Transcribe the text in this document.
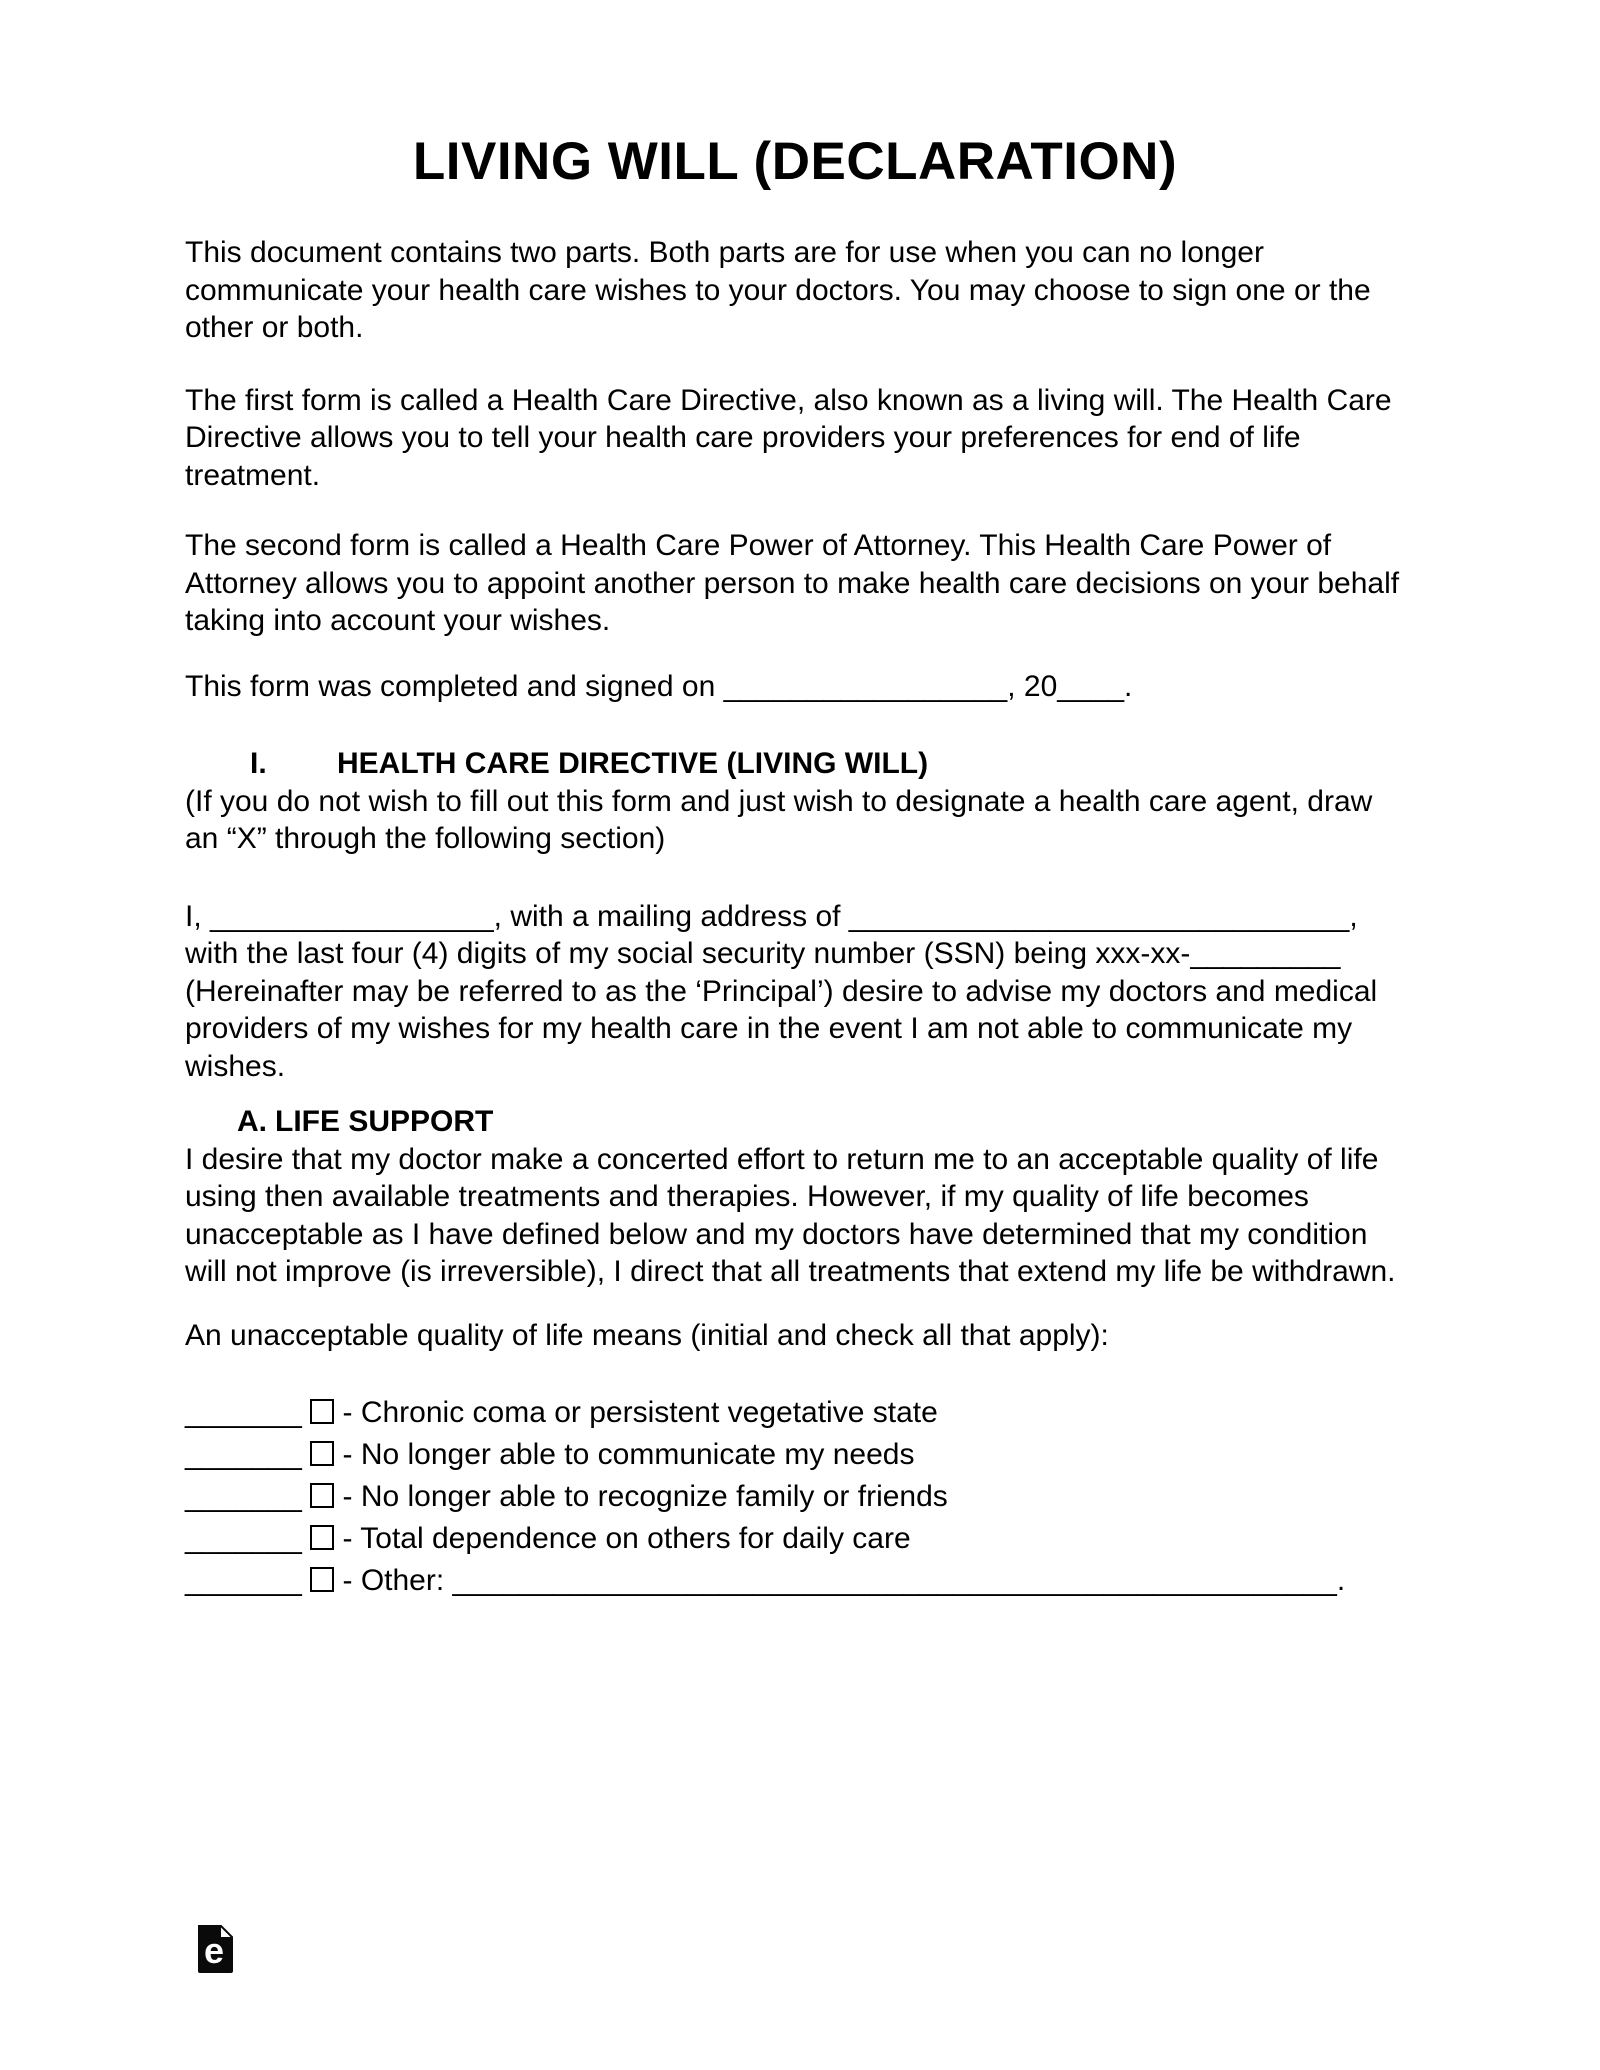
LIVING WILL (DECLARATION)

This document contains two parts. Both parts are for use when you can no longer communicate your health care wishes to your doctors. You may choose to sign one or the other or both.

The first form is called a Health Care Directive, also known as a living will. The Health Care Directive allows you to tell your health care providers your preferences for end of life treatment.

The second form is called a Health Care Power of Attorney. This Health Care Power of Attorney allows you to appoint another person to make health care decisions on your behalf taking into account your wishes.

This form was completed and signed on _________________, 20____.

I. HEALTH CARE DIRECTIVE (LIVING WILL)
(If you do not wish to fill out this form and just wish to designate a health care agent, draw an “X” through the following section)

I, _________________, with a mailing address of ______________________________, with the last four (4) digits of my social security number (SSN) being xxx-xx-_________ (Hereinafter may be referred to as the ‘Principal’) desire to advise my doctors and medical providers of my wishes for my health care in the event I am not able to communicate my wishes.

A. LIFE SUPPORT

I desire that my doctor make a concerted effort to return me to an acceptable quality of life using then available treatments and therapies. However, if my quality of life becomes unacceptable as I have defined below and my doctors have determined that my condition will not improve (is irreversible), I direct that all treatments that extend my life be withdrawn.

An unacceptable quality of life means (initial and check all that apply):

_______ - Chronic coma or persistent vegetative state
_______ - No longer able to communicate my needs
_______ - No longer able to recognize family or friends
_______ - Total dependence on others for daily care
_______ - Other: _____________________________________________________.
e
